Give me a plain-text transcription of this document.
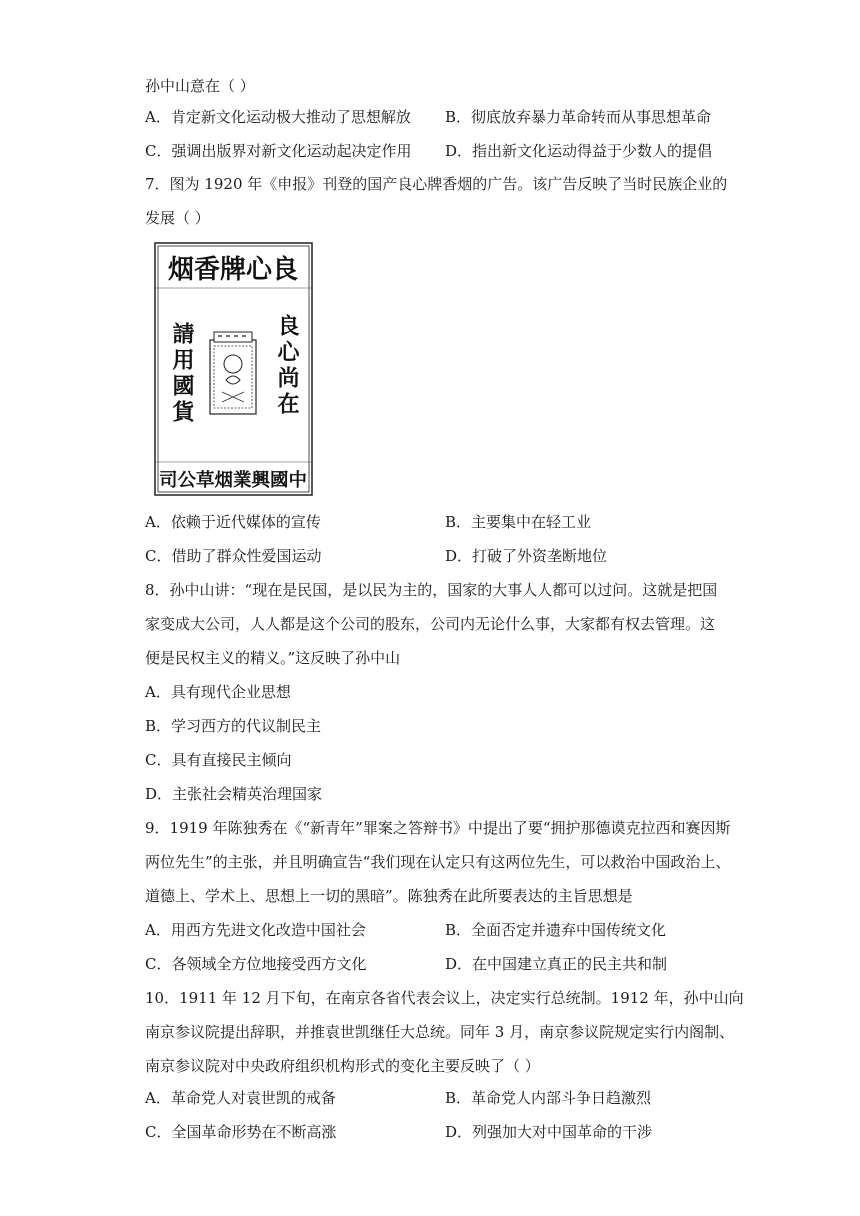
孙中山意在（ ）
A．肯定新文化运动极大推动了思想解放 B．彻底放弃暴力革命转而从事思想革命
C．强调出版界对新文化运动起决定作用 D．指出新文化运动得益于少数人的提倡
7．图为 1920 年《申报》刊登的国产良心牌香烟的广告。该广告反映了当时民族企业的
发展（ ）
良心牌香烟
請用國貨	良心尚在
中國興業烟草公司
A．依赖于近代媒体的宣传	B．主要集中在轻工业
C．借助了群众性爱国运动	D．打破了外资垄断地位
8．孙中山讲：“现在是民国，是以民为主的，国家的大事人人都可以过问。这就是把国
家变成大公司，人人都是这个公司的股东，公司内无论什么事，大家都有权去管理。这
便是民权主义的精义。”这反映了孙中山
A．具有现代企业思想
B．学习西方的代议制民主
C．具有直接民主倾向
D．主张社会精英治理国家
9．1919 年陈独秀在《“新青年”罪案之答辩书》中提出了要“拥护那德谟克拉西和赛因斯
两位先生”的主张，并且明确宣告“我们现在认定只有这两位先生，可以救治中国政治上、
道德上、学术上、思想上一切的黑暗”。陈独秀在此所要表达的主旨思想是
A．用西方先进文化改造中国社会	B．全面否定并遗弃中国传统文化
C．各领域全方位地接受西方文化	D．在中国建立真正的民主共和制
10．1911 年 12 月下旬，在南京各省代表会议上，决定实行总统制。1912 年，孙中山向
南京参议院提出辞职，并推袁世凯继任大总统。同年 3 月，南京参议院规定实行内阁制、
南京参议院对中央政府组织机构形式的变化主要反映了（ ）
A．革命党人对袁世凯的戒备	B．革命党人内部斗争日趋激烈
C．全国革命形势在不断高涨	D．列强加大对中国革命的干涉
